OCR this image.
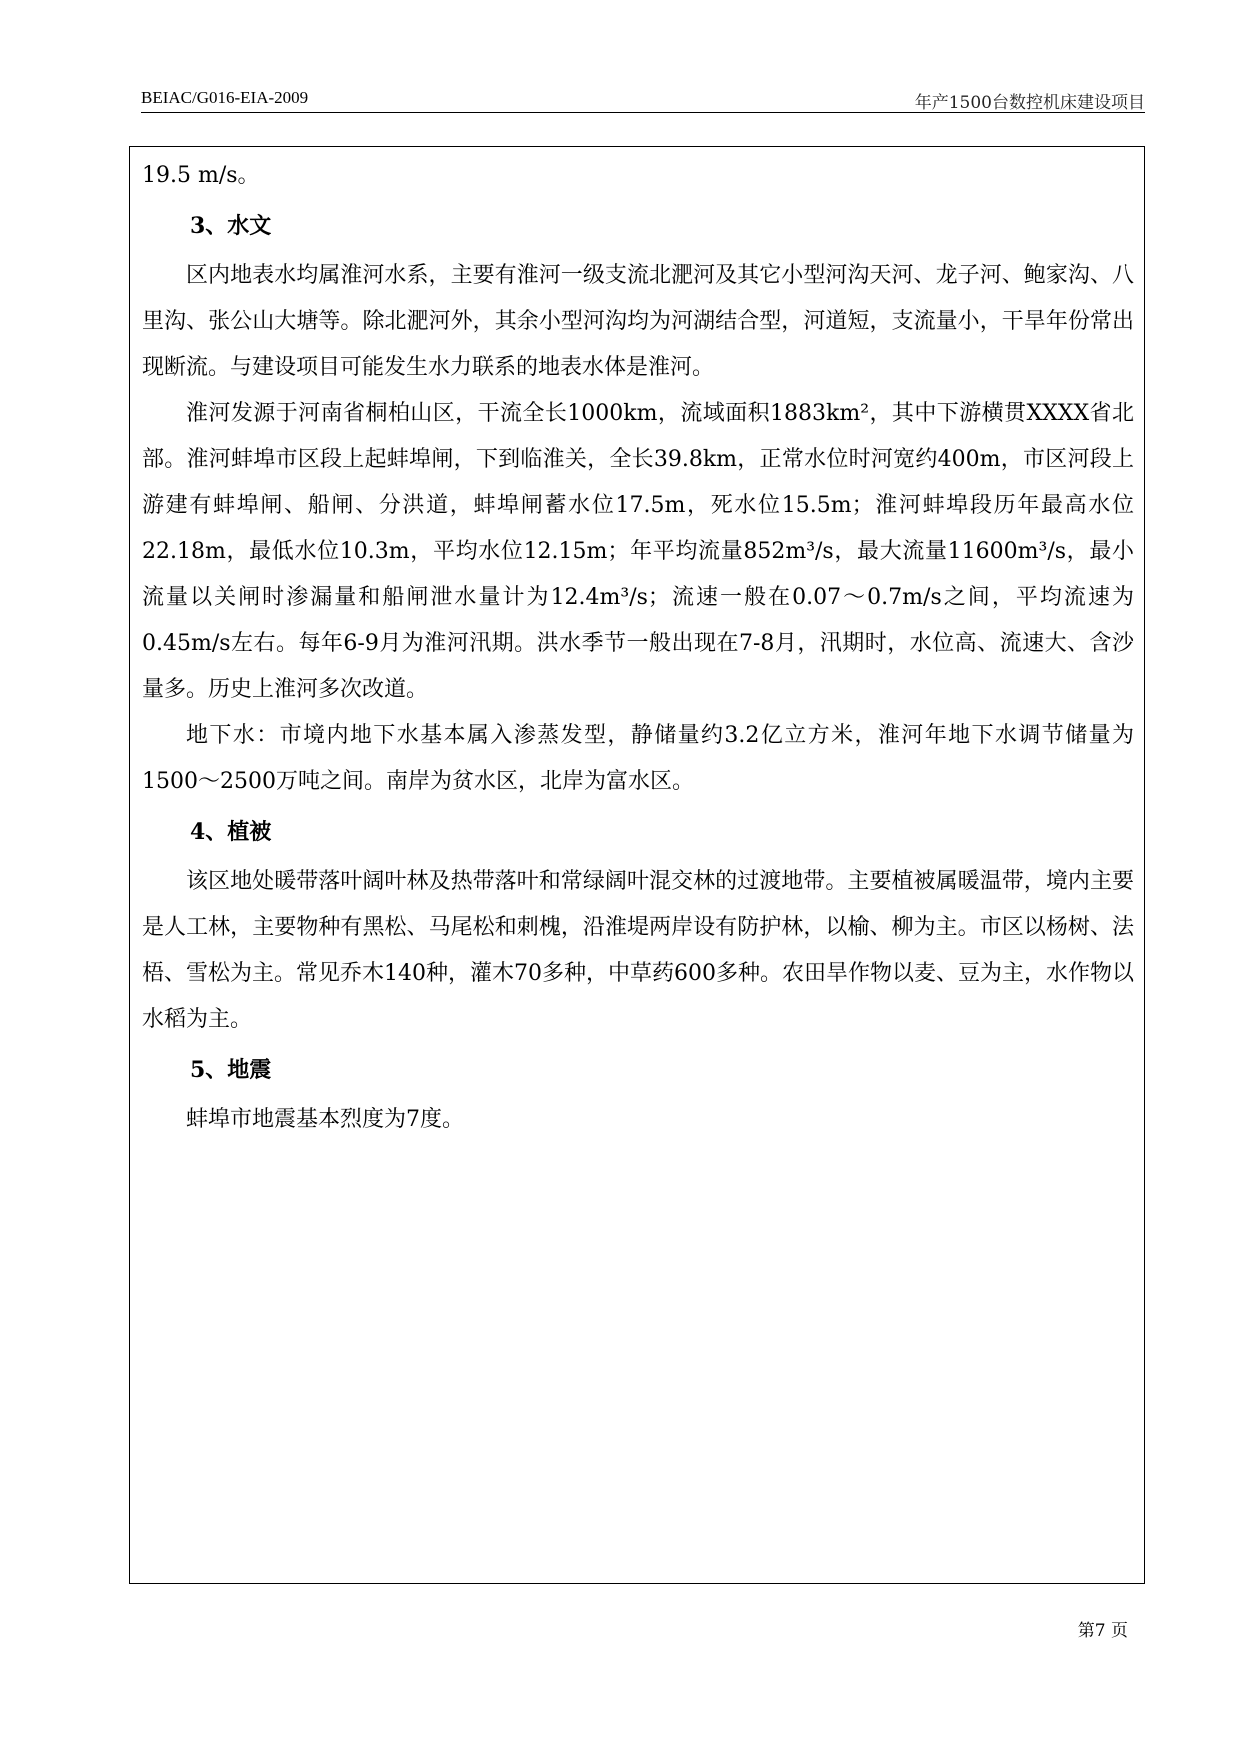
BEIAC/G016-EIA-2009	年产1500台数控机床建设项目

19.5 m/s。

3、水文

区内地表水均属淮河水系，主要有淮河一级支流北淝河及其它小型河沟天河、龙子河、鲍家沟、八里沟、张公山大塘等。除北淝河外，其余小型河沟均为河湖结合型，河道短，支流量小，干旱年份常出现断流。与建设项目可能发生水力联系的地表水体是淮河。

淮河发源于河南省桐柏山区，干流全长1000km，流域面积1883km²，其中下游横贯XXXX省北部。淮河蚌埠市区段上起蚌埠闸，下到临淮关，全长39.8km，正常水位时河宽约400m，市区河段上游建有蚌埠闸、船闸、分洪道，蚌埠闸蓄水位17.5m，死水位15.5m；淮河蚌埠段历年最高水位22.18m，最低水位10.3m，平均水位12.15m；年平均流量852m³/s，最大流量11600m³/s，最小流量以关闸时渗漏量和船闸泄水量计为12.4m³/s；流速一般在0.07～0.7m/s之间，平均流速为0.45m/s左右。每年6-9月为淮河汛期。洪水季节一般出现在7-8月，汛期时，水位高、流速大、含沙量多。历史上淮河多次改道。

地下水：市境内地下水基本属入渗蒸发型，静储量约3.2亿立方米，淮河年地下水调节储量为1500～2500万吨之间。南岸为贫水区，北岸为富水区。

4、植被

该区地处暖带落叶阔叶林及热带落叶和常绿阔叶混交林的过渡地带。主要植被属暖温带，境内主要是人工林，主要物种有黑松、马尾松和刺槐，沿淮堤两岸设有防护林，以榆、柳为主。市区以杨树、法梧、雪松为主。常见乔木140种，灌木70多种，中草药600多种。农田旱作物以麦、豆为主，水作物以水稻为主。

5、地震

蚌埠市地震基本烈度为7度。

第7 页
